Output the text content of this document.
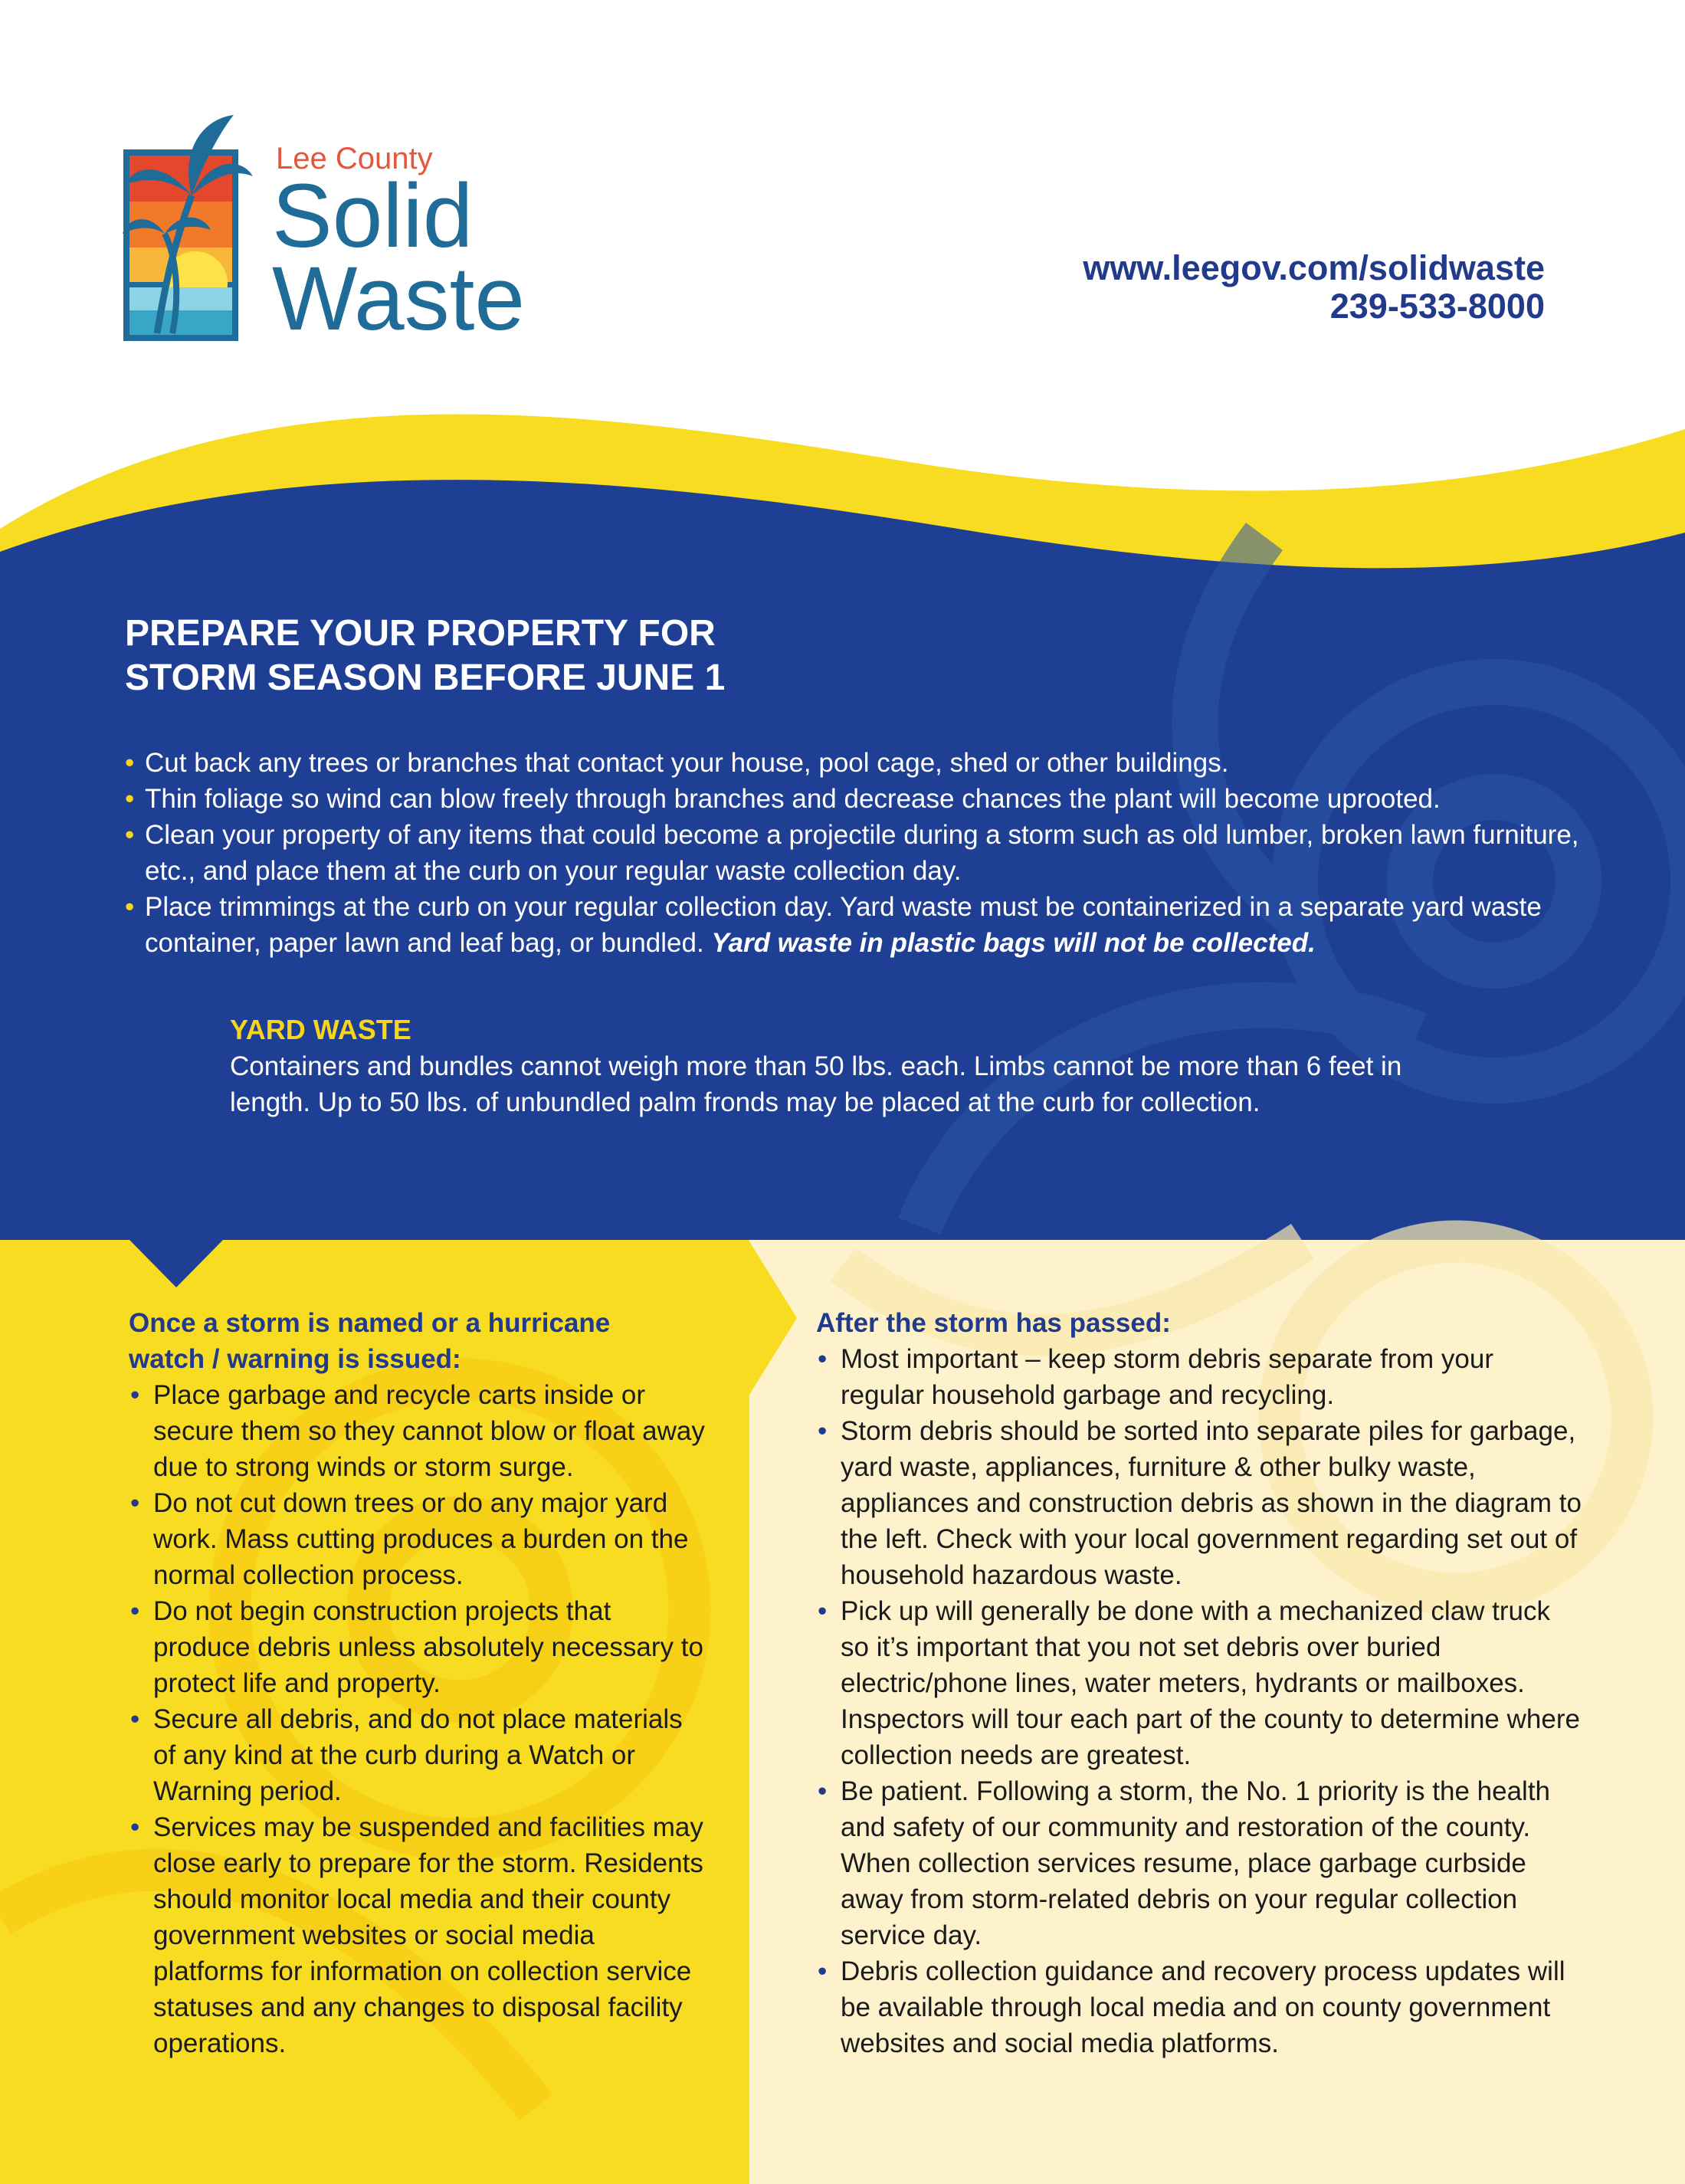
Lee County
Solid
Waste	www.leegov.com/solidwaste
239-533-8000
PREPARE YOUR PROPERTY FOR
STORM SEASON BEFORE JUNE 1
• Cut back any trees or branches that contact your house, pool cage, shed or other buildings.
• Thin foliage so wind can blow freely through branches and decrease chances the plant will become uprooted.
• Clean your property of any items that could become a projectile during a storm such as old lumber, broken lawn furniture, etc., and place them at the curb on your regular waste collection day.
• Place trimmings at the curb on your regular collection day. Yard waste must be containerized in a separate yard waste container, paper lawn and leaf bag, or bundled. Yard waste in plastic bags will not be collected.
YARD WASTE

Containers and bundles cannot weigh more than 50 lbs. each. Limbs cannot be more than 6 feet in length. Up to 50 lbs. of unbundled palm fronds may be placed at the curb for collection.

Once a storm is named or a hurricane
watch / warning is issued:

• Place garbage and recycle carts inside or secure them so they cannot blow or float away due to strong winds or storm surge.
• Do not cut down trees or do any major yard work. Mass cutting produces a burden on the normal collection process.
• Do not begin construction projects that produce debris unless absolutely necessary to protect life and property.
• Secure all debris, and do not place materials of any kind at the curb during a Watch or Warning period.
• Services may be suspended and facilities may close early to prepare for the storm. Residents should monitor local media and their county government websites or social media platforms for information on collection service statuses and any changes to disposal facility operations.

After the storm has passed:

• Most important – keep storm debris separate from your regular household garbage and recycling.
• Storm debris should be sorted into separate piles for garbage, yard waste, appliances, furniture & other bulky waste, appliances and construction debris as shown in the diagram to the left. Check with your local government regarding set out of household hazardous waste.
• Pick up will generally be done with a mechanized claw truck so it’s important that you not set debris over buried electric/phone lines, water meters, hydrants or mailboxes. Inspectors will tour each part of the county to determine where collection needs are greatest.
• Be patient. Following a storm, the No. 1 priority is the health and safety of our community and restoration of the county. When collection services resume, place garbage curbside away from storm-related debris on your regular collection service day.
• Debris collection guidance and recovery process updates will be available through local media and on county government websites and social media platforms.
